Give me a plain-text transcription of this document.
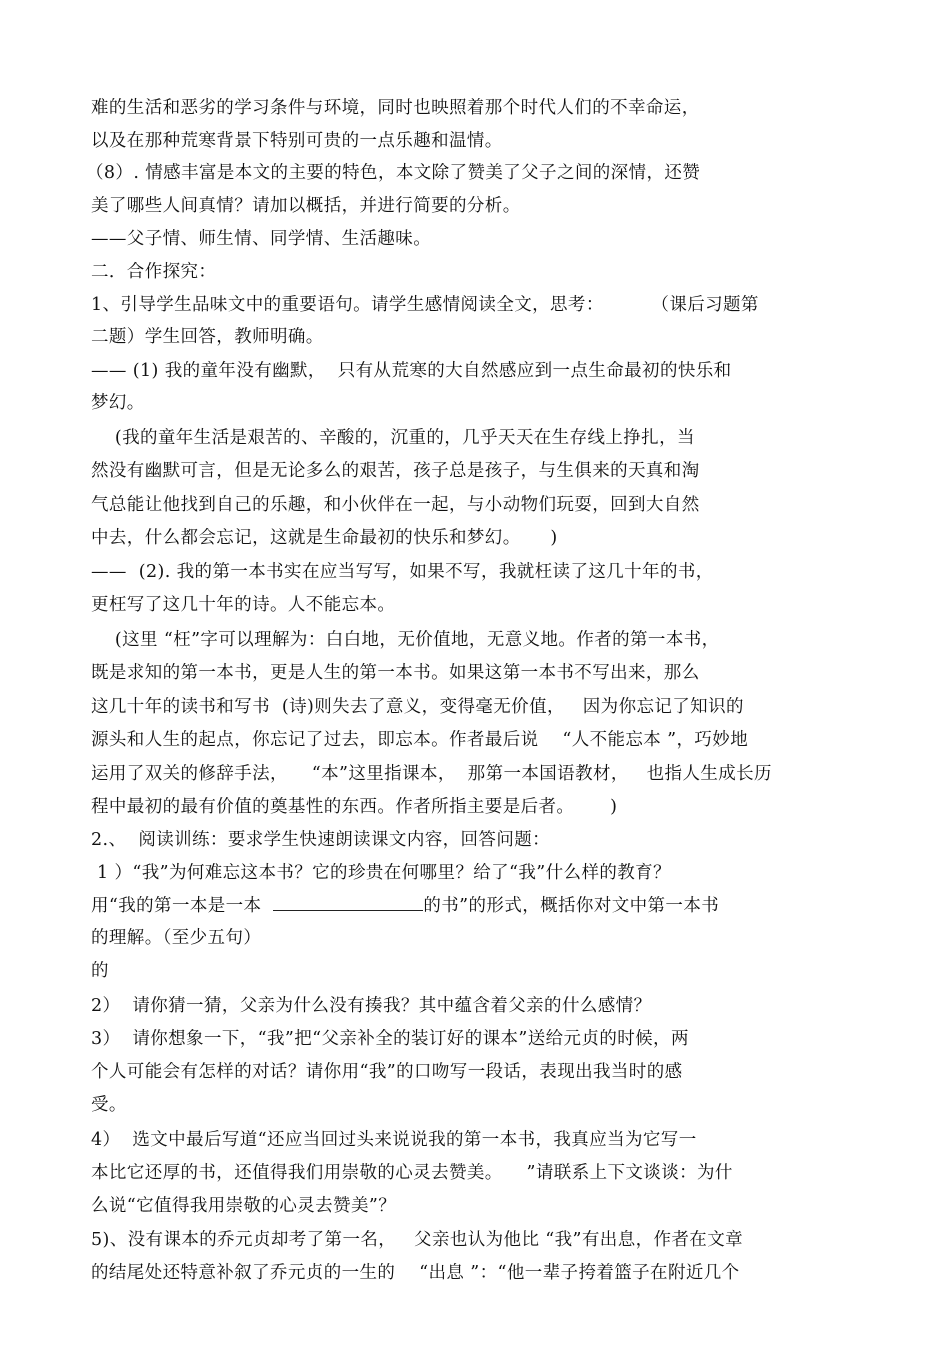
难的生活和恶劣的学习条件与环境，同时也映照着那个时代人们的不幸命运，
以及在那种荒寒背景下特别可贵的一点乐趣和温情。
（8）. 情感丰富是本文的主要的特色，本文除了赞美了父子之间的深情，还赞
美了哪些人间真情？请加以概括，并进行简要的分析。
——父子情、师生情、同学情、生活趣味。
二．合作探究：
1、引导学生品味文中的重要语句。请学生感情阅读全文，思考：        （课后习题第
二题）学生回答，教师明确。
—— (1) 我的童年没有幽默，  只有从荒寒的大自然感应到一点生命最初的快乐和
梦幻。
(我的童年生活是艰苦的、辛酸的，沉重的，几乎天天在生存线上挣扎，当
然没有幽默可言，但是无论多么的艰苦，孩子总是孩子，与生俱来的天真和淘
气总能让他找到自己的乐趣，和小伙伴在一起，与小动物们玩耍，回到大自然
中去，什么都会忘记，这就是生命最初的快乐和梦幻。     )
——  (2). 我的第一本书实在应当写写，如果不写，我就枉读了这几十年的书，
更枉写了这几十年的诗。人不能忘本。
(这里 “枉”字可以理解为：白白地，无价值地，无意义地。作者的第一本书，
既是求知的第一本书，更是人生的第一本书。如果这第一本书不写出来，那么
这几十年的读书和写书  (诗)则失去了意义，变得毫无价值，   因为你忘记了知识的
源头和人生的起点，你忘记了过去，即忘本。作者最后说    “人不能忘本 ”，巧妙地
运用了双关的修辞手法，    “本”这里指课本，  那第一本国语教材，   也指人生成长历
程中最初的最有价值的奠基性的东西。作者所指主要是后者。      )
2.、  阅读训练：要求学生快速朗读课文内容，回答问题：
1 ）“我”为何难忘这本书？它的珍贵在何哪里？给了“我”什么样的教育？
用“我的第一本是一本	的书”的形式，概括你对文中第一本书
的理解。（至少五句）
的
2）  请你猜一猜，父亲为什么没有揍我？其中蕴含着父亲的什么感情？
3）  请你想象一下，“我”把“父亲补全的装订好的课本”送给元贞的时候，两
个人可能会有怎样的对话？请你用“我”的口吻写一段话，表现出我当时的感
受。
4）  选文中最后写道“还应当回过头来说说我的第一本书，我真应当为它写一
本比它还厚的书，还值得我们用崇敬的心灵去赞美。    ”请联系上下文谈谈：为什
么说“它值得我用崇敬的心灵去赞美”？
5)、没有课本的乔元贞却考了第一名，   父亲也认为他比 “我”有出息，作者在文章
的结尾处还特意补叙了乔元贞的一生的    “出息 ”：“他一辈子挎着篮子在附近几个
